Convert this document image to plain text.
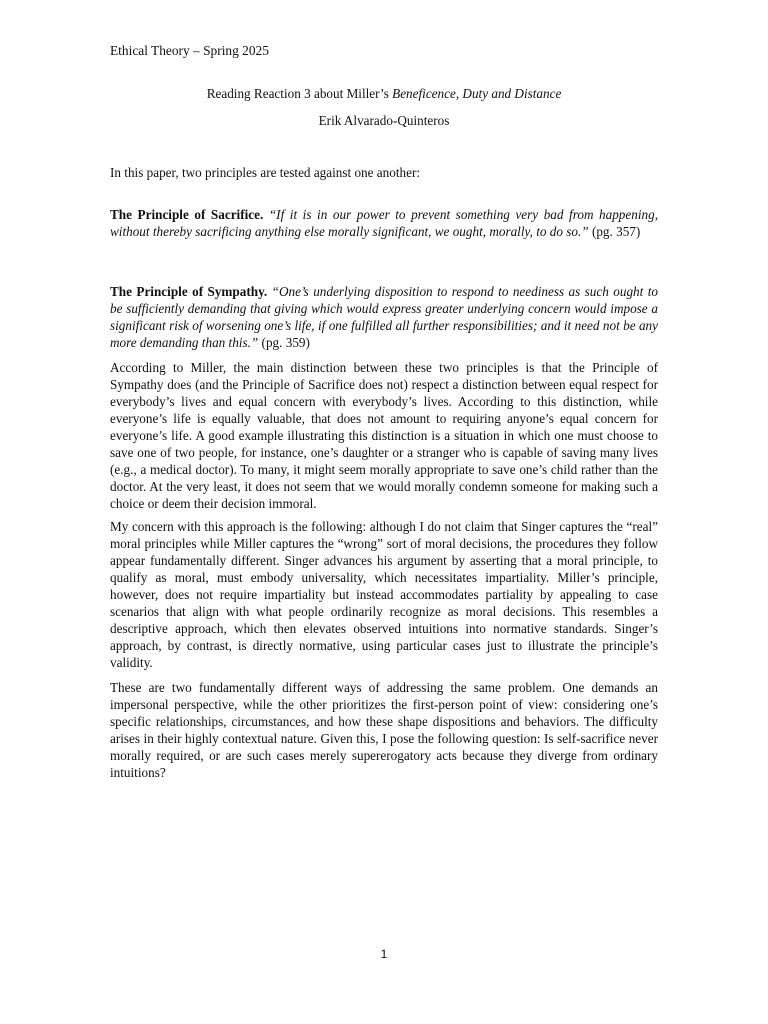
Ethical Theory – Spring 2025
Reading Reaction 3 about Miller’s Beneficence, Duty and Distance
Erik Alvarado-Quinteros

In this paper, two principles are tested against one another:

The Principle of Sacrifice. “If it is in our power to prevent something very bad from happening, without thereby sacrificing anything else morally significant, we ought, morally, to do so.” (pg. 357)

The Principle of Sympathy. “One’s underlying disposition to respond to neediness as such ought to be sufficiently demanding that giving which would express greater underlying concern would impose a significant risk of worsening one’s life, if one fulfilled all further responsibilities; and it need not be any more demanding than this.” (pg. 359)

According to Miller, the main distinction between these two principles is that the Principle of Sympathy does (and the Principle of Sacrifice does not) respect a distinction between equal respect for everybody’s lives and equal concern with everybody’s lives. According to this distinction, while everyone’s life is equally valuable, that does not amount to requiring anyone’s equal concern for everyone’s life. A good example illustrating this distinction is a situation in which one must choose to save one of two people, for instance, one’s daughter or a stranger who is capable of saving many lives (e.g., a medical doctor). To many, it might seem morally appropriate to save one’s child rather than the doctor. At the very least, it does not seem that we would morally condemn someone for making such a choice or deem their decision immoral.

My concern with this approach is the following: although I do not claim that Singer captures the “real” moral principles while Miller captures the “wrong” sort of moral decisions, the procedures they follow appear fundamentally different. Singer advances his argument by asserting that a moral principle, to qualify as moral, must embody universality, which necessitates impartiality. Miller’s principle, however, does not require impartiality but instead accommodates partiality by appealing to case scenarios that align with what people ordinarily recognize as moral decisions. This resembles a descriptive approach, which then elevates observed intuitions into normative standards. Singer’s approach, by contrast, is directly normative, using particular cases just to illustrate the principle’s validity.

These are two fundamentally different ways of addressing the same problem. One demands an impersonal perspective, while the other prioritizes the first-person point of view: considering one’s specific relationships, circumstances, and how these shape dispositions and behaviors. The difficulty arises in their highly contextual nature. Given this, I pose the following question: Is self-sacrifice never morally required, or are such cases merely supererogatory acts because they diverge from ordinary intuitions?

1
